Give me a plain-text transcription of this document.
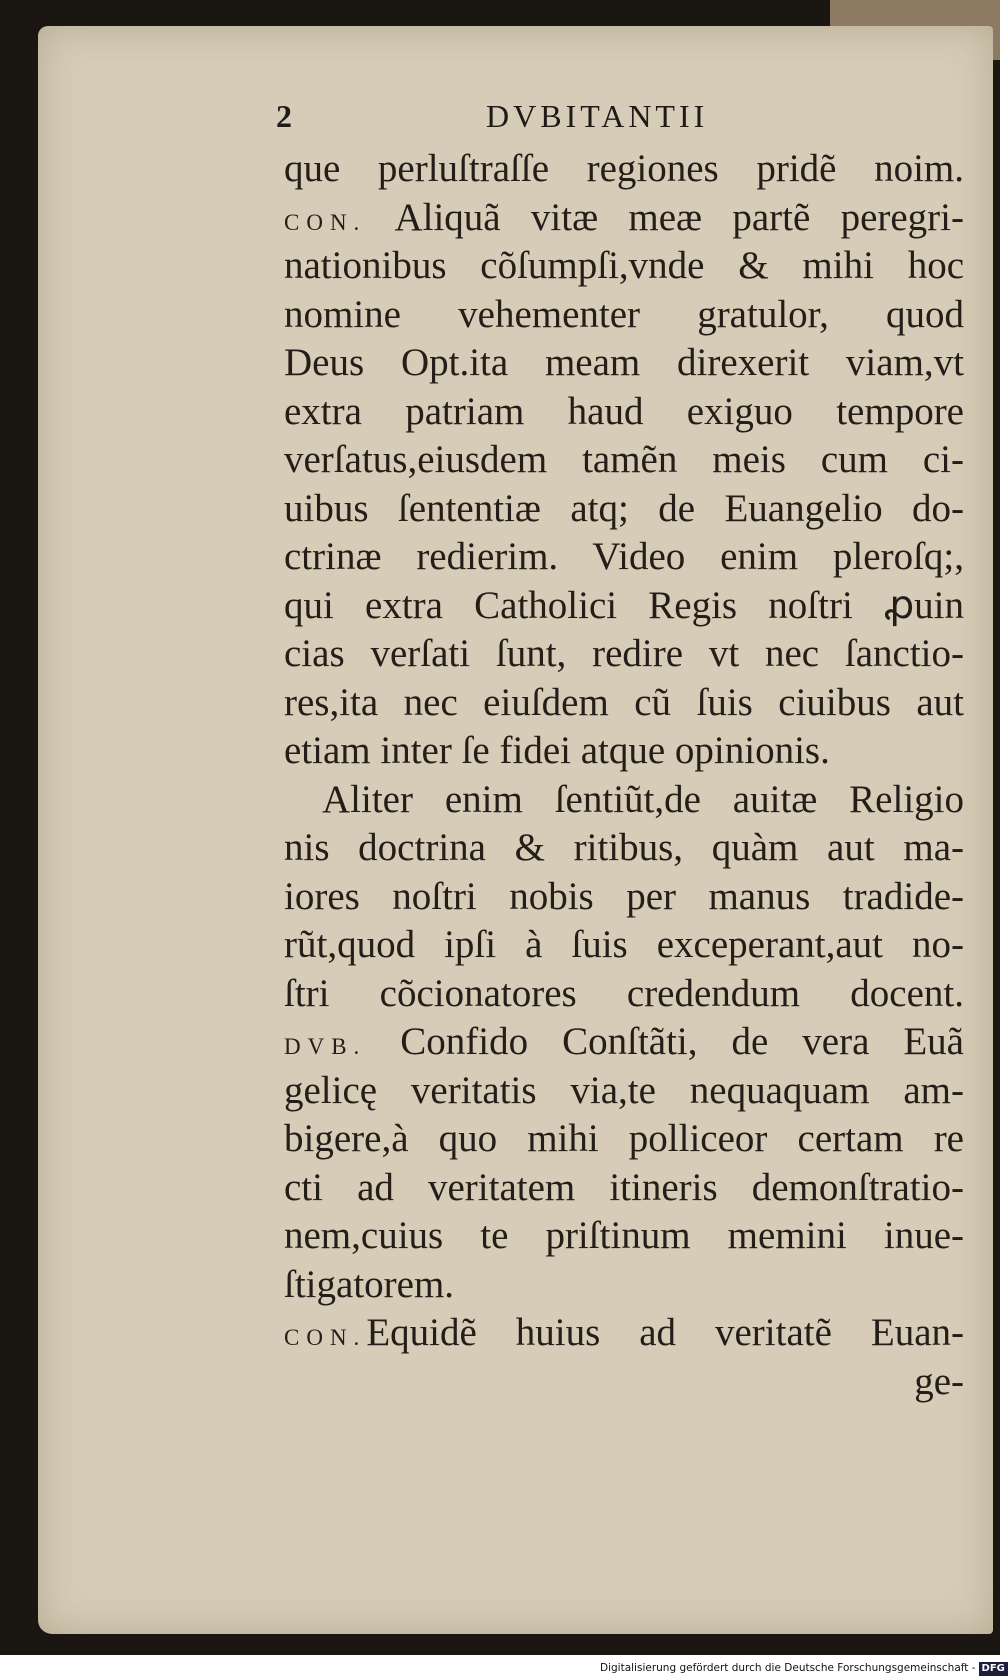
2	DVBITANTII
que perluſtraſſe regiones pridẽ noim.
CON. Aliquã vitæ meæ partẽ peregri-
nationibus cõſumpſi,vnde & mihi hoc
nomine vehementer gratulor, quod
Deus Opt.ita meam direxerit viam,vt
extra patriam haud exiguo tempore
verſatus,eiusdem tamẽn meis cum ci-
uibus ſententiæ atq; de Euangelio do-
ctrinæ redierim. Video enim pleroſq;,
qui extra Catholici Regis noſtri ꝓuin
cias verſati ſunt, redire vt nec ſanctio-
res,ita nec eiuſdem cũ ſuis ciuibus aut
etiam inter ſe fidei atque opinionis.
Aliter enim ſentiũt,de auitæ Religio
nis doctrina & ritibus, quàm aut ma-
iores noſtri nobis per manus tradide-
rũt,quod ipſi à ſuis exceperant,aut no-
ſtri cõcionatores credendum docent.
DVB. Confido Conſtãti, de vera Euã
gelicę veritatis via,te nequaquam am-
bigere,à quo mihi polliceor certam re
cti ad veritatem itineris demonſtratio-
nem,cuius te priſtinum memini inue-
ſtigatorem.
CON.Equidẽ huius ad veritatẽ Euan-
ge-
Digitalisierung gefördert durch die Deutsche Forschungsgemeinschaft - DFG
